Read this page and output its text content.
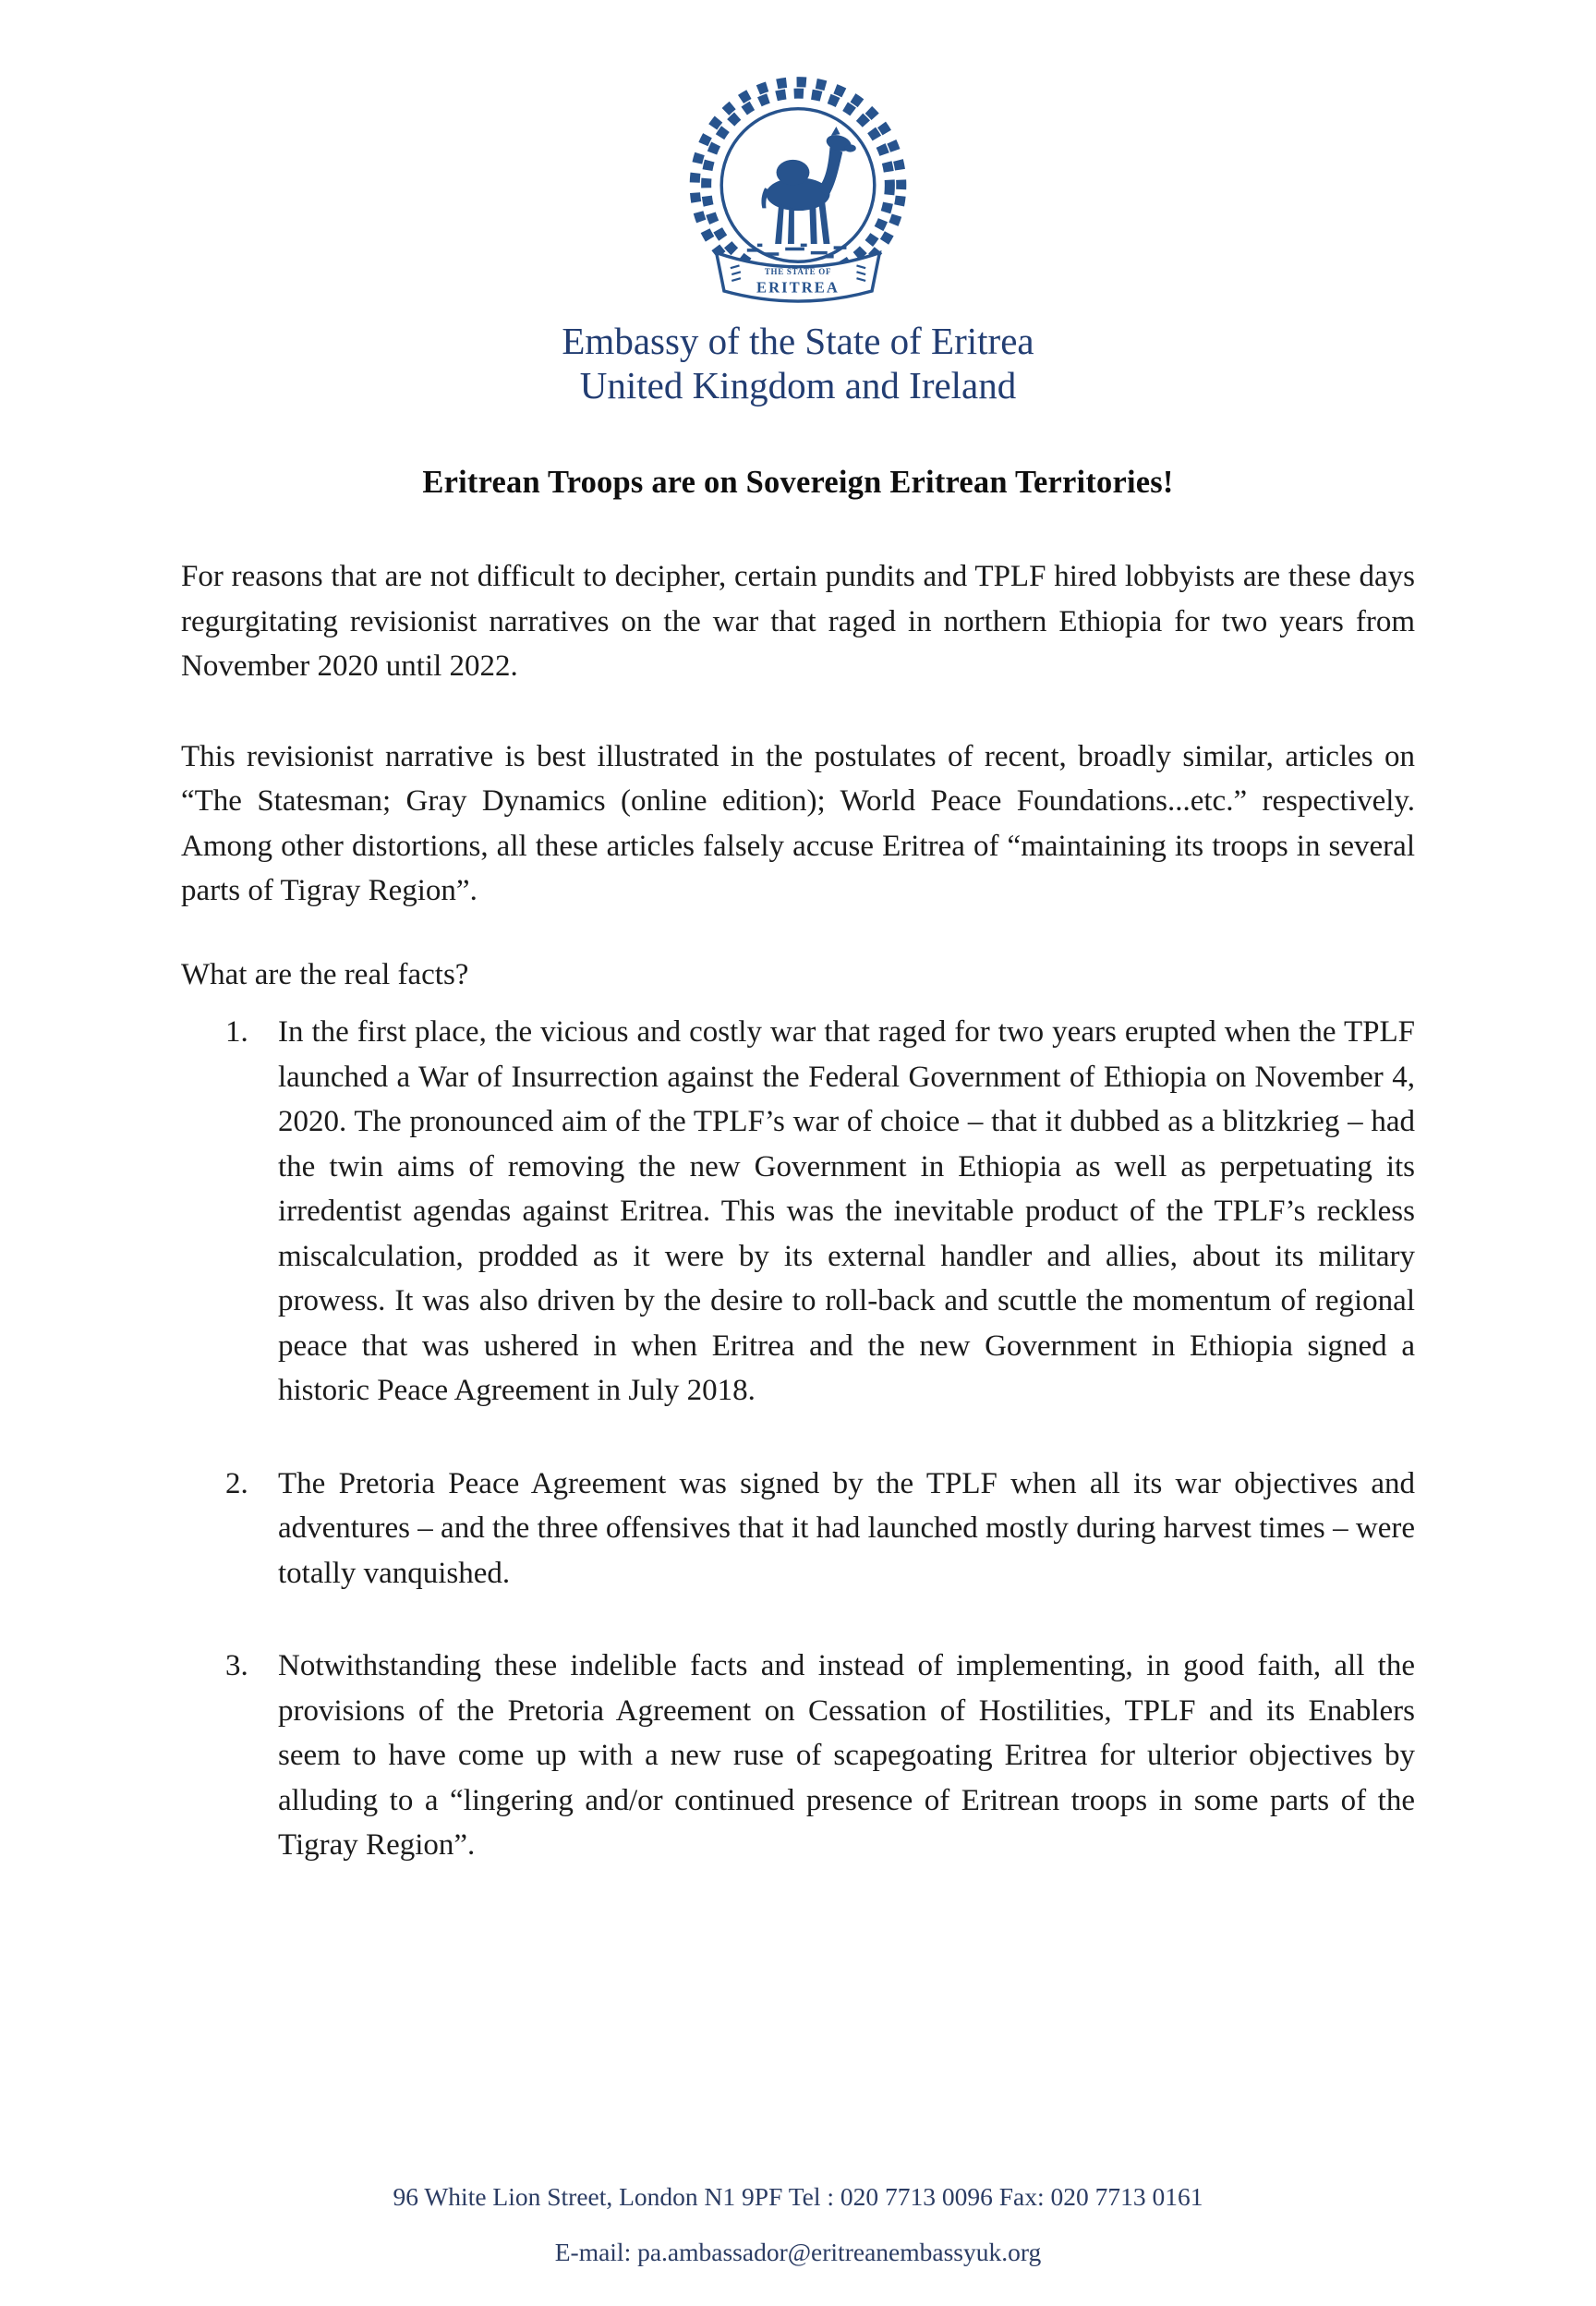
THE STATE OF
ERITREA
Embassy of the State of Eritrea
United Kingdom and Ireland
Eritrean Troops are on Sovereign Eritrean Territories!
For reasons that are not difficult to decipher, certain pundits and TPLF hired lobbyists are these days regurgitating revisionist narratives on the war that raged in northern Ethiopia for two years from November 2020 until 2022.
This revisionist narrative is best illustrated in the postulates of recent, broadly similar, articles on “The Statesman; Gray Dynamics (online edition); World Peace Foundations...etc.” respectively. Among other distortions, all these articles falsely accuse Eritrea of “maintaining its troops in several parts of Tigray Region”.
What are the real facts?
1. In the first place, the vicious and costly war that raged for two years erupted when the TPLF launched a War of Insurrection against the Federal Government of Ethiopia on November 4, 2020. The pronounced aim of the TPLF’s war of choice – that it dubbed as a blitzkrieg – had the twin aims of removing the new Government in Ethiopia as well as perpetuating its irredentist agendas against Eritrea. This was the inevitable product of the TPLF’s reckless miscalculation, prodded as it were by its external handler and allies, about its military prowess. It was also driven by the desire to roll-back and scuttle the momentum of regional peace that was ushered in when Eritrea and the new Government in Ethiopia signed a historic Peace Agreement in July 2018.
2. The Pretoria Peace Agreement was signed by the TPLF when all its war objectives and adventures – and the three offensives that it had launched mostly during harvest times – were totally vanquished.
3. Notwithstanding these indelible facts and instead of implementing, in good faith, all the provisions of the Pretoria Agreement on Cessation of Hostilities, TPLF and its Enablers seem to have come up with a new ruse of scapegoating Eritrea for ulterior objectives by alluding to a “lingering and/or continued presence of Eritrean troops in some parts of the Tigray Region”.
96 White Lion Street, London N1 9PF Tel : 020 7713 0096 Fax: 020 7713 0161
E-mail: pa.ambassador@eritreanembassyuk.org
